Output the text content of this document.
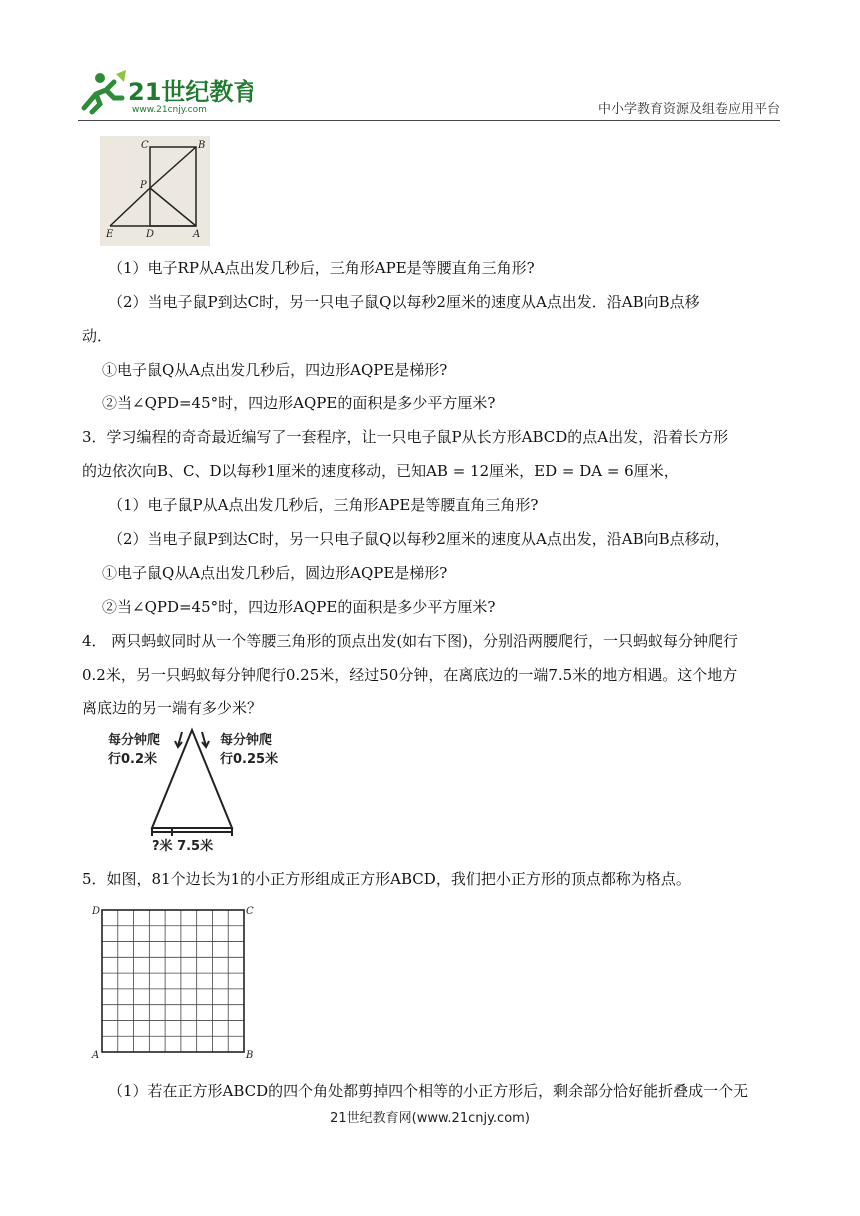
21世纪教育
www.21cnjy.com	中小学教育资源及组卷应用平台
C	B
P
E	D	A
（1）电子RP从A点出发几秒后，三角形APE是等腰直角三角形?
（2）当电子鼠P到达C时，另一只电子鼠Q以每秒2厘米的速度从A点出发．沿AB向B点移
动．
①电子鼠Q从A点出发几秒后，四边形AQPE是梯形?
②当∠QPD=45°时，四边形AQPE的面积是多少平方厘米?
3．学习编程的奇奇最近编写了一套程序，让一只电子鼠P从长方形ABCD的点A出发，沿着长方形
的边依次向B、C、D以每秒1厘米的速度移动，已知AB = 12厘米，ED = DA = 6厘米，
（1）电子鼠P从A点出发几秒后，三角形APE是等腰直角三角形?
（2）当电子鼠P到达C时，另一只电子鼠Q以每秒2厘米的速度从A点出发，沿AB向B点移动，
①电子鼠Q从A点出发几秒后，圆边形AQPE是梯形?
②当∠QPD=45°时，四边形AQPE的面积是多少平方厘米?
4． 两只蚂蚁同时从一个等腰三角形的顶点出发(如右下图)，分别沿两腰爬行，一只蚂蚁每分钟爬行
0.2米，另一只蚂蚁每分钟爬行0.25米，经过50分钟，在离底边的一端7.5米的地方相遇。这个地方
离底边的另一端有多少米？
每分钟爬
行0.2米
每分钟爬
行0.25米
?米 7.5米
5．如图，81个边长为1的小正方形组成正方形ABCD，我们把小正方形的顶点都称为格点。
D	C
A	B
（1）若在正方形ABCD的四个角处都剪掉四个相等的小正方形后，剩余部分恰好能折叠成一个无
21世纪教育网(www.21cnjy.com)
